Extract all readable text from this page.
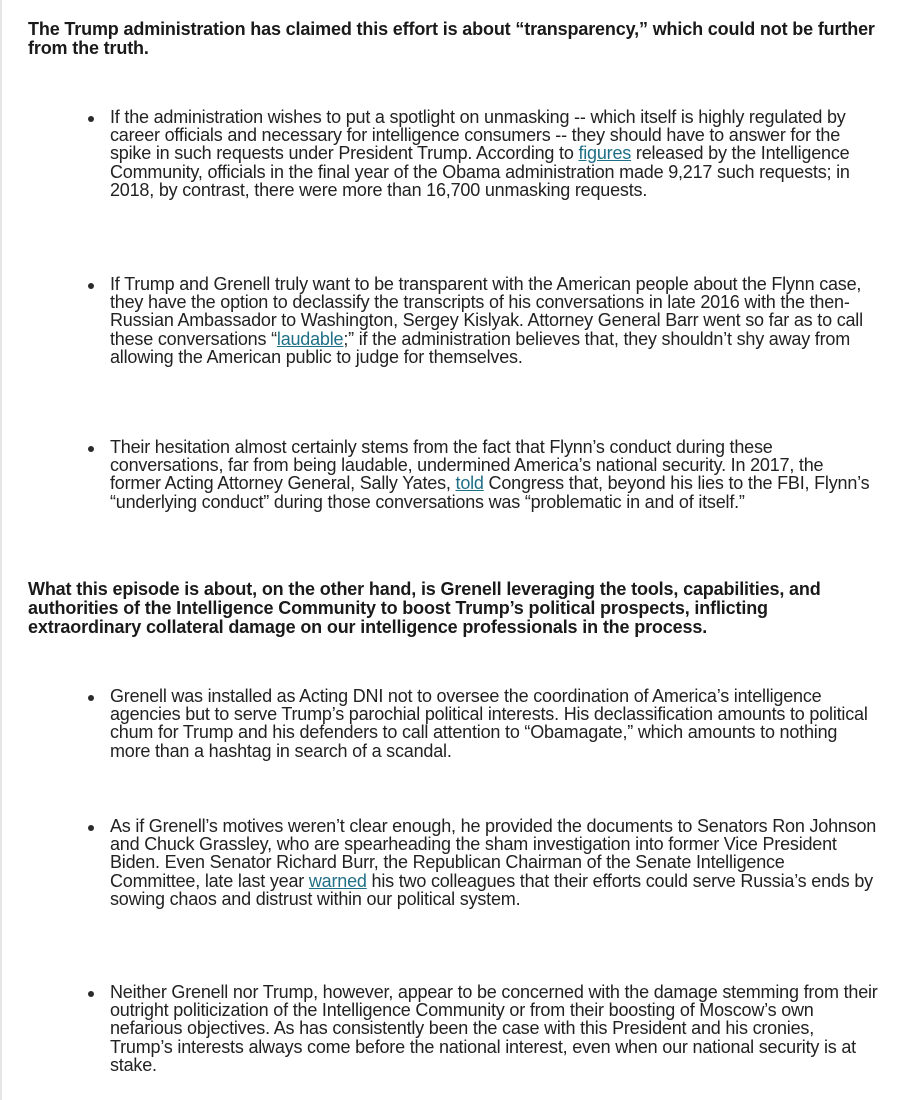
The Trump administration has claimed this effort is about “transparency,” which could not be further from the truth.

If the administration wishes to put a spotlight on unmasking -- which itself is highly regulated by career officials and necessary for intelligence consumers -- they should have to answer for the spike in such requests under President Trump. According to figures released by the Intelligence Community, officials in the final year of the Obama administration made 9,217 such requests; in 2018, by contrast, there were more than 16,700 unmasking requests.

If Trump and Grenell truly want to be transparent with the American people about the Flynn case, they have the option to declassify the transcripts of his conversations in late 2016 with the then-Russian Ambassador to Washington, Sergey Kislyak. Attorney General Barr went so far as to call these conversations “laudable;” if the administration believes that, they shouldn’t shy away from allowing the American public to judge for themselves.

Their hesitation almost certainly stems from the fact that Flynn’s conduct during these conversations, far from being laudable, undermined America’s national security. In 2017, the former Acting Attorney General, Sally Yates, told Congress that, beyond his lies to the FBI, Flynn’s “underlying conduct” during those conversations was “problematic in and of itself.”

What this episode is about, on the other hand, is Grenell leveraging the tools, capabilities, and authorities of the Intelligence Community to boost Trump’s political prospects, inflicting extraordinary collateral damage on our intelligence professionals in the process.

Grenell was installed as Acting DNI not to oversee the coordination of America’s intelligence agencies but to serve Trump’s parochial political interests. His declassification amounts to political chum for Trump and his defenders to call attention to “Obamagate,” which amounts to nothing more than a hashtag in search of a scandal.

As if Grenell’s motives weren’t clear enough, he provided the documents to Senators Ron Johnson and Chuck Grassley, who are spearheading the sham investigation into former Vice President Biden. Even Senator Richard Burr, the Republican Chairman of the Senate Intelligence Committee, late last year warned his two colleagues that their efforts could serve Russia’s ends by sowing chaos and distrust within our political system.

Neither Grenell nor Trump, however, appear to be concerned with the damage stemming from their outright politicization of the Intelligence Community or from their boosting of Moscow’s own nefarious objectives. As has consistently been the case with this President and his cronies, Trump’s interests always come before the national interest, even when our national security is at stake.
